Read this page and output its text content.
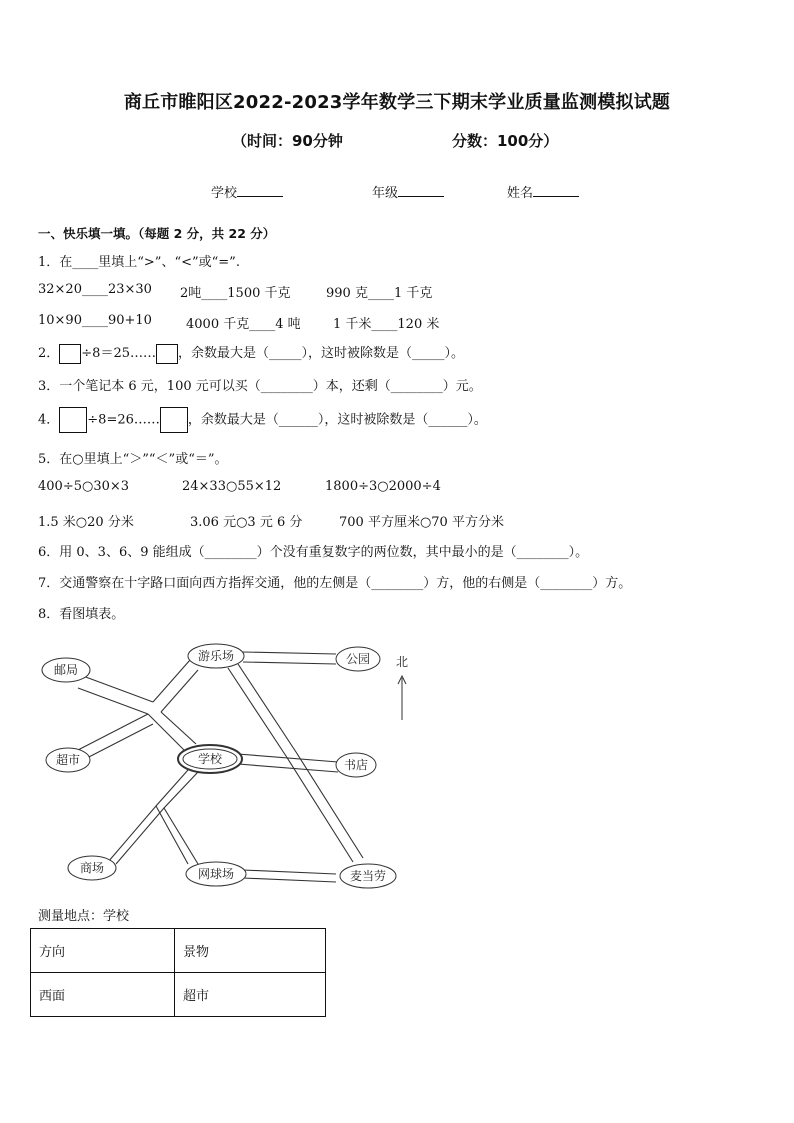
商丘市睢阳区2022-2023学年数学三下期末学业质量监测模拟试题
（时间：90分钟	分数：100分）
学校	年级	姓名
一、快乐填一填。（每题 2 分，共 22 分）
1．在____里填上“>”、“<”或“=”.
32×20____23×30 2吨____1500 千克	990 克____1 千克
10×90____90+10	4000 千克____4 吨 1 千米____120 米
2． ÷8＝25…… ，余数最大是（_____），这时被除数是（_____）。
3．一个笔记本 6 元，100 元可以买（________）本，还剩（________）元。
4． ÷8=26…… ，余数最大是（______），这时被除数是（______）。
5．在○里填上“＞”“＜”或“＝”。
400÷5○30×3	24×33○55×12	1800÷3○2000÷4
1.5 米○20 分米	3.06 元○3 元 6 分	700 平方厘米○70 平方分米
6．用 0、3、6、9 能组成（________）个没有重复数字的两位数，其中最小的是（________）。
7．交通警察在十字路口面向西方指挥交通，他的左侧是（________）方，他的右侧是（________）方。
8．看图填表。
邮局
游乐场	公园
超市	学校	书店
商场	网球场	麦当劳
北
测量地点：学校
方向	景物
西面	超市
